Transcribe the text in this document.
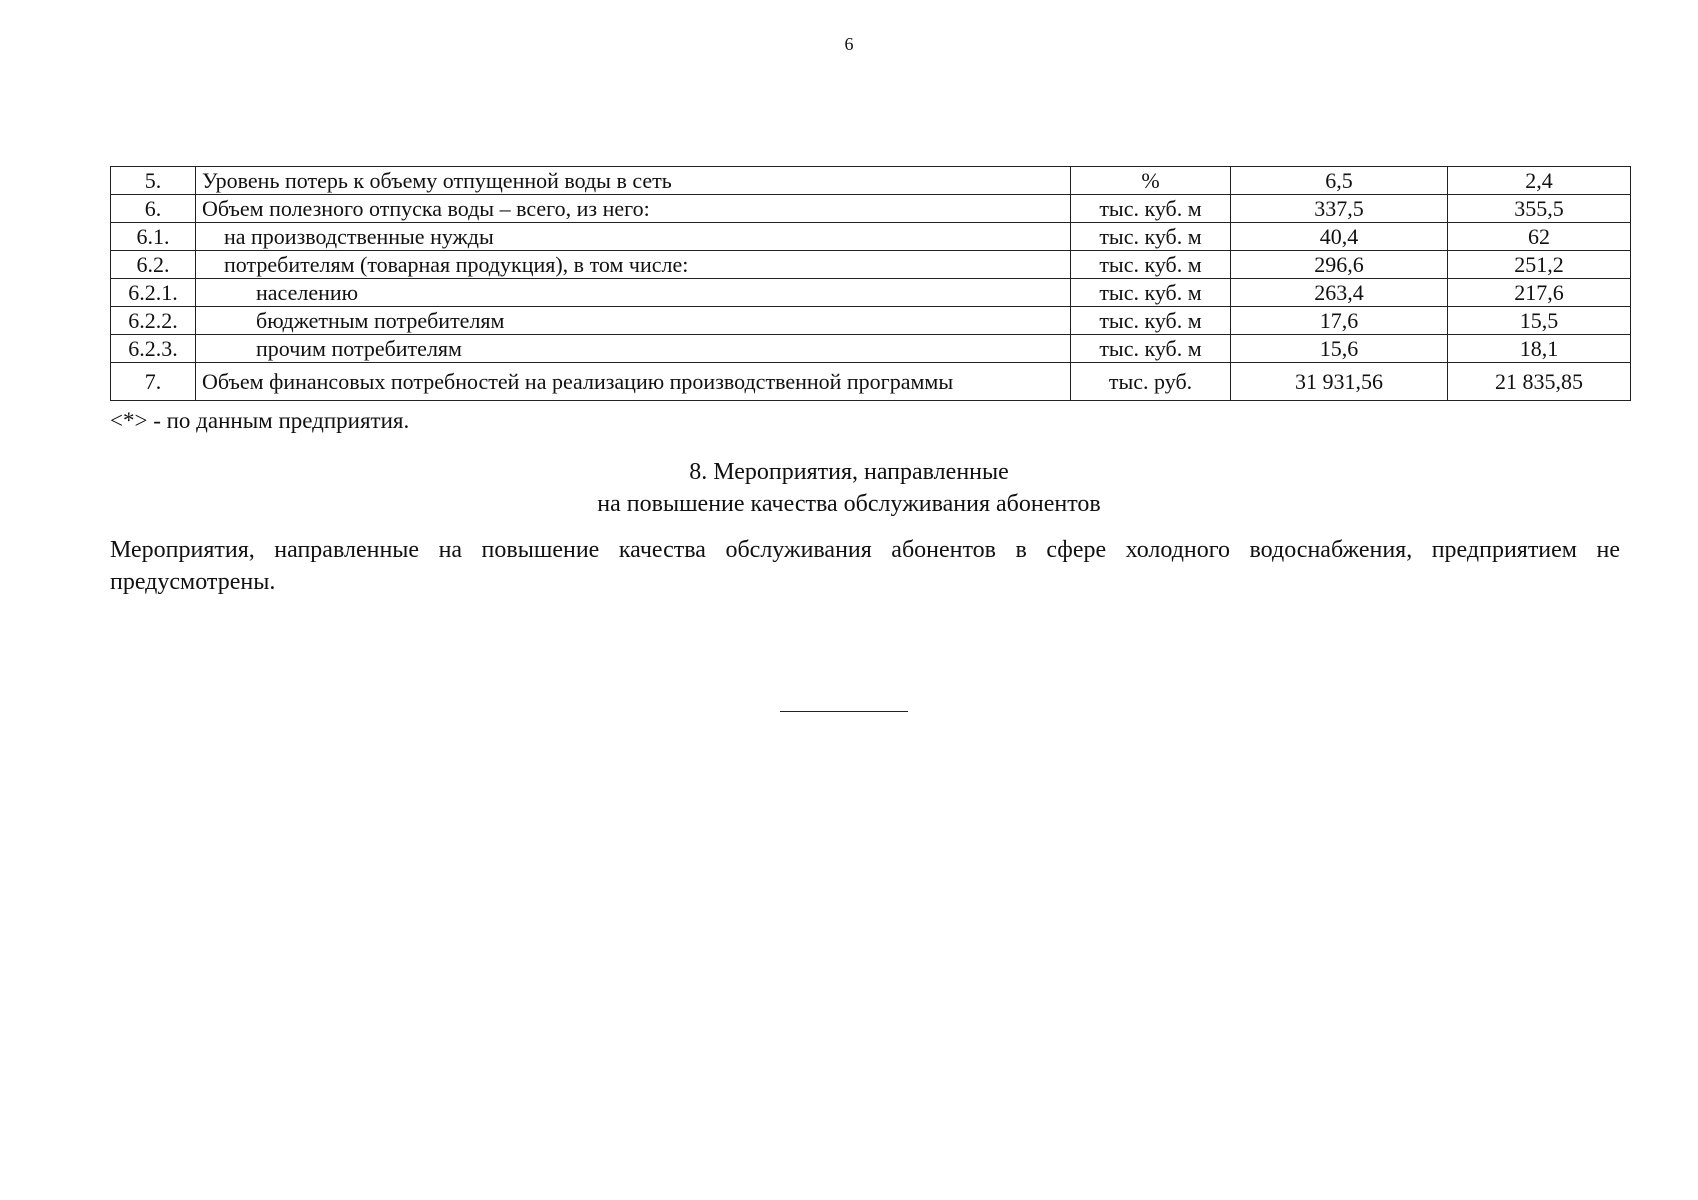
6
5.	Уровень потерь к объему отпущенной воды в сеть	%	6,5	2,4
6.	Объем полезного отпуска воды – всего, из него:	тыс. куб. м	337,5	355,5
6.1.	на производственные нужды	тыс. куб. м	40,4	62
6.2.	потребителям (товарная продукция), в том числе:	тыс. куб. м	296,6	251,2
6.2.1.	населению	тыс. куб. м	263,4	217,6
6.2.2.	бюджетным потребителям	тыс. куб. м	17,6	15,5
6.2.3.	прочим потребителям	тыс. куб. м	15,6	18,1
7.	Объем финансовых потребностей на реализацию производственной программы	тыс. руб.	31 931,56	21 835,85
<*> - по данным предприятия.
8. Мероприятия, направленные
на повышение качества обслуживания абонентов

Мероприятия, направленные на повышение качества обслуживания абонентов в сфере холодного водоснабжения, предприятием не предусмотрены.
